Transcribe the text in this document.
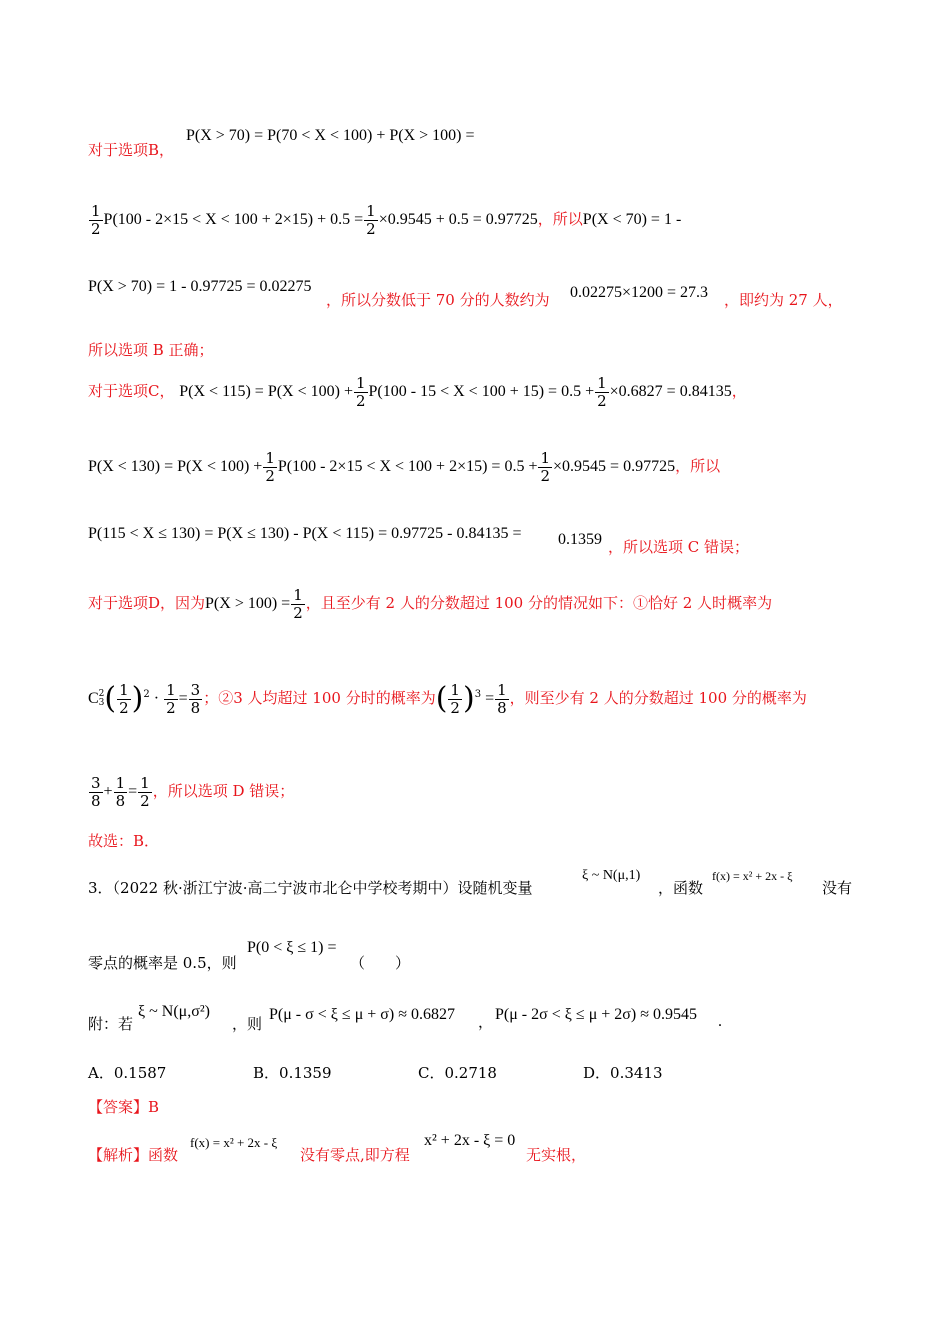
对于选项B，
P(X > 70) = P(70 < X < 100) + P(X > 100) =
$\frac{1}{2} P(100 - 2\times 15 < X < 100 + 2\times 15) + 0.5 = \frac{1}{2} \times 0.9545 + 0.5 = 0.97725$，所以P(X < 70) = 1 -
P(X > 70) = 1 - 0.97725 = 0.02275
，所以分数低于 70 分的人数约为 0.02275×1200 = 27.3 ，即约为 27 人，
所以选项 B 正确；
对于选项C， $P(X < 115) = P(X < 100) + \frac{1}{2} P(100 - 15 < X < 100 + 15) = 0.5 + \frac{1}{2} \times 0.6827 = 0.84135$，
$P(X < 130) = P(X < 100) + \frac{1}{2} P(100 - 2\times 15 < X < 100 + 2\times 15) = 0.5 + \frac{1}{2} \times 0.9545 = 0.97725$，所以
P(115 < X ≤ 130) = P(X ≤ 130) - P(X < 115) = 0.97725 - 0.84135 = 0.1359 ，所以选项 C 错误；
对于选项D，因为$P(X > 100) = \frac{1}{2}$ ，且至少有 2 人的分数超过 100 分的情况如下：①恰好 2 人时概率为
C2
$3( \frac{1}{2} )^2 \cdot \frac{1}{2} = \frac{3}{8}$ ；②3 人均超过 100 分时的概率为( $\frac{1}{2} )^3 = \frac{1}{8}$ ，则至少有 2 人的分数超过 100 分的概率为
$\frac{3}{8} + \frac{1}{8} = \frac{1}{2}$ ，所以选项 D 错误；
故选：B．
3．（2022 秋·浙江宁波·高二宁波市北仑中学校考期中）设随机变量
ξ ~ N(μ,1)
，函数
f(x) = x² + 2x - ξ
没有
零点的概率是 0.5，则
P(0 < ξ ≤ 1) =
（　　）
附：若
ξ ~ N(μ,σ²)
，则
P(μ - σ < ξ ≤ μ + σ) ≈ 0.6827 ， P(μ - 2σ < ξ ≤ μ + 2σ) ≈ 0.9545 .
A．0.1587	B．0.1359	C．0.2718	D．0.3413
【答案】B
【解析】函数
f(x) = x² + 2x - ξ
没有零点,即方程
x² + 2x - ξ = 0
无实根，
